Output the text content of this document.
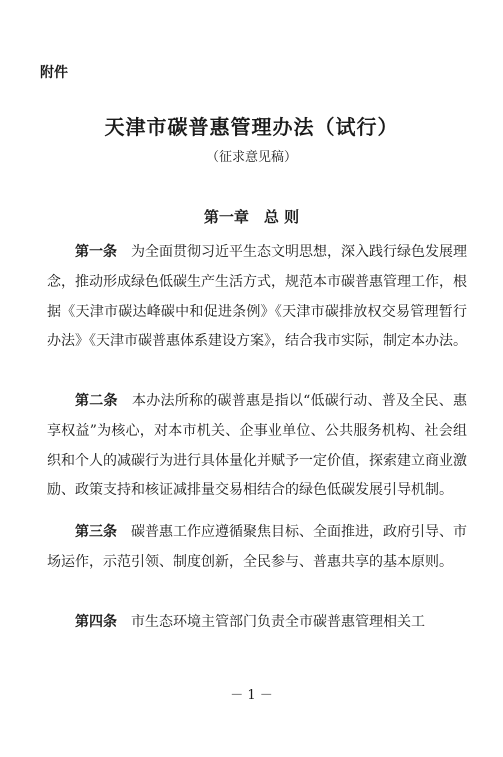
附件
天津市碳普惠管理办法（试行）
（征求意见稿）
第一章　总 则

第一条　 为全面贯彻习近平生态文明思想，深入践行绿色发展理念，推动形成绿色低碳生产生活方式，规范本市碳普惠管理工作，根据《天津市碳达峰碳中和促进条例》《天津市碳排放权交易管理暂行办法》《天津市碳普惠体系建设方案》，结合我市实际，制定本办法。

第二条　 本办法所称的碳普惠是指以“低碳行动、普及全民、惠享权益”为核心，对本市机关、企事业单位、公共服务机构、社会组织和个人的减碳行为进行具体量化并赋予一定价值，探索建立商业激励、政策支持和核证减排量交易相结合的绿色低碳发展引导机制。

第三条　 碳普惠工作应遵循聚焦目标、全面推进，政府引导、市场运作，示范引领、制度创新，全民参与、普惠共享的基本原则。

第四条　 市生态环境主管部门负责全市碳普惠管理相关工

－ 1 －
